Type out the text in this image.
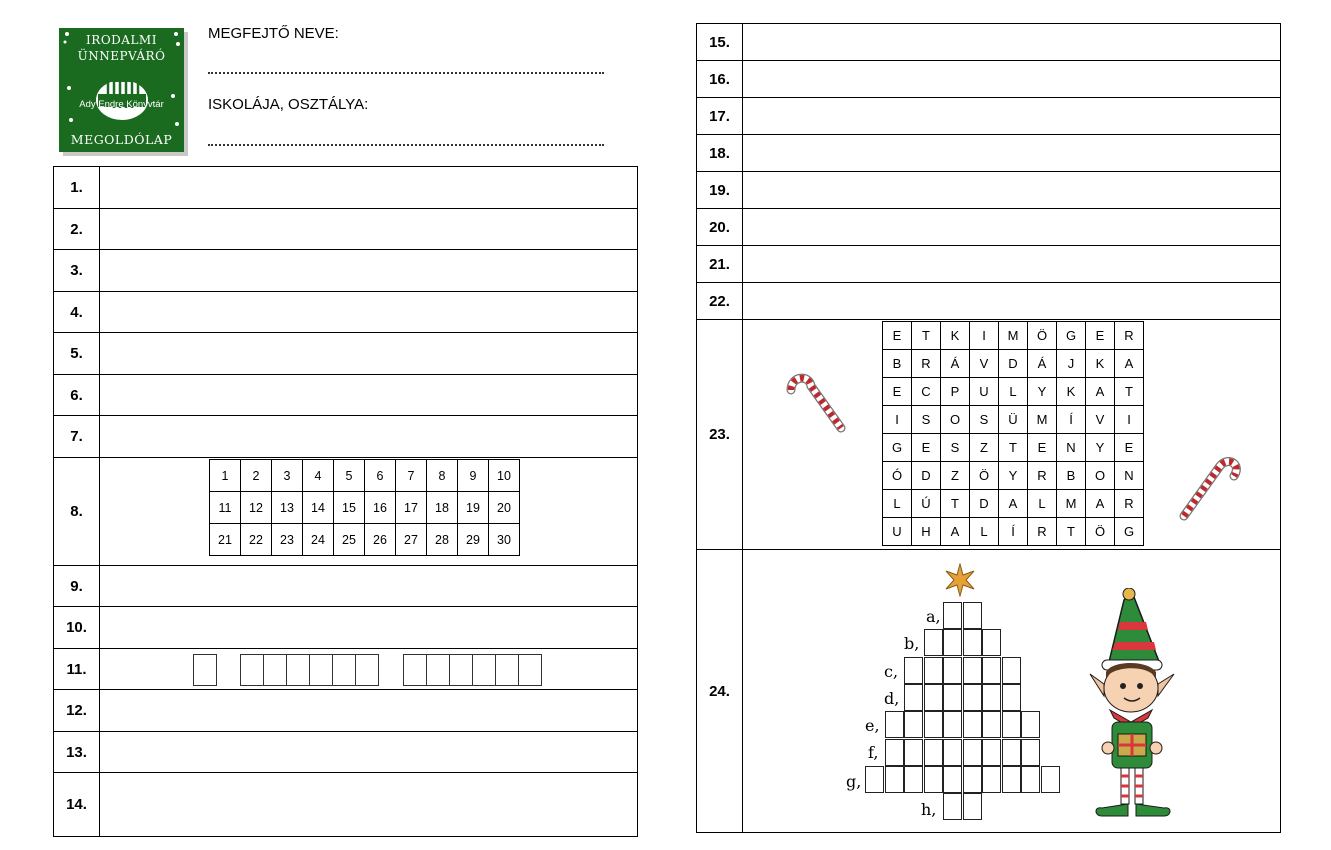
IRODALMI
ÜNNEPVÁRÓ
Ady Endre Könyvtár
MEGOLDÓLAP
MEGFEJTŐ NEVE:
ISKOLÁJA, OSZTÁLYA:
1.	
2.	
3.	
4.	
5.	
6.	
7.	
8.	
1	2	3	4	5	6	7	8	9	10
11	12	13	14	15	16	17	18	19	20
21	22	23	24	25	26	27	28	29	30

9.	
10.	
11.	

12.	
13.	
14.	
15.	
16.	
17.	
18.	
19.	
20.	
21.	
22.	
23.	
E	T	K	I	M	Ö	G	E	R
B	R	Á	V	D	Á	J	K	A
E	C	P	U	L	Y	K	A	T
I	S	O	S	Ü	M	Í	V	I
G	E	S	Z	T	E	N	Y	E
Ó	D	Z	Ö	Y	R	B	O	N
L	Ú	T	D	A	L	M	A	R
U	H	A	L	Í	R	T	Ö	G

24.	
a,
b,
c,
d,
e,
f,
g,
h,
